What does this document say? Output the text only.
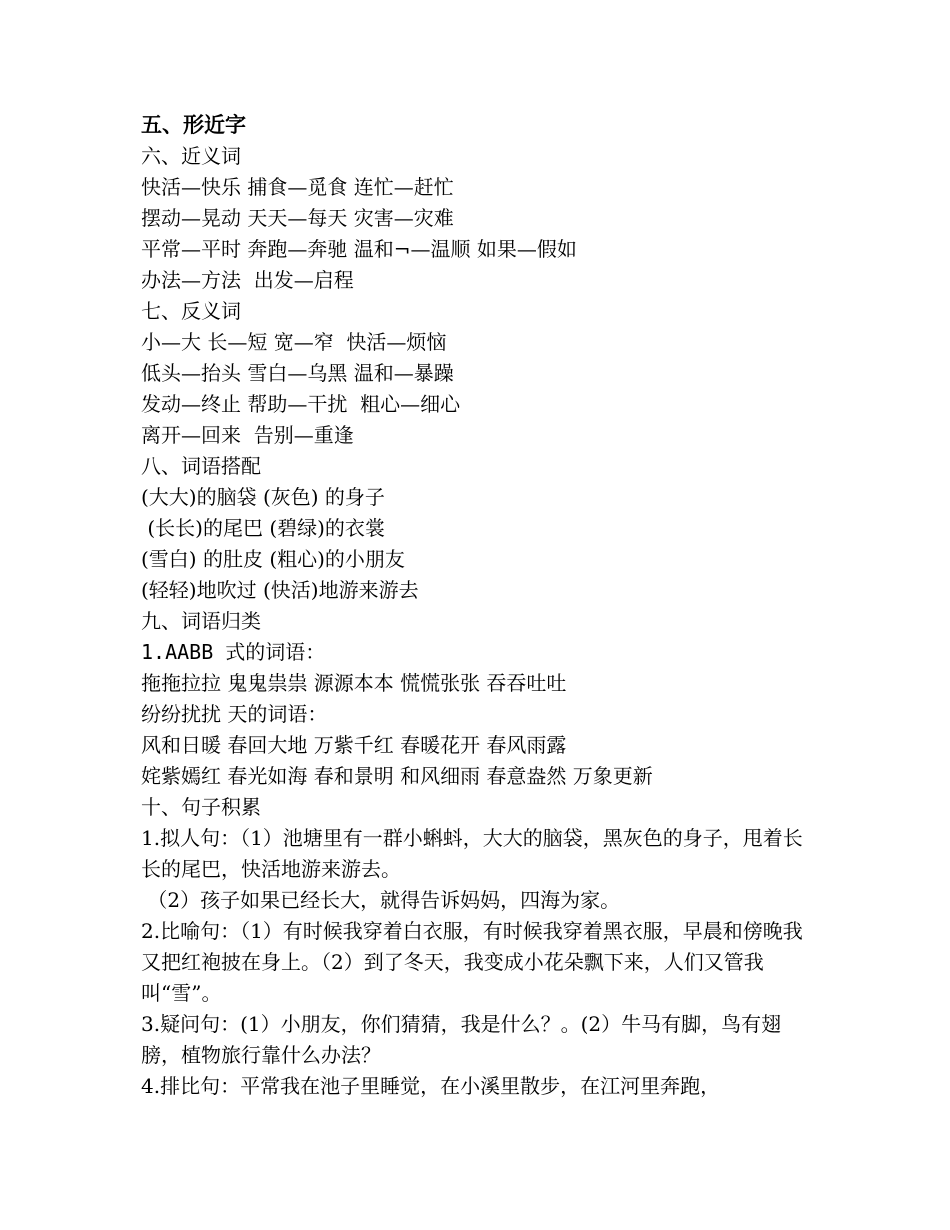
五、形近字
六、近义词
快活—快乐 捕食—觅食 连忙—赶忙
摆动—晃动 天天—每天 灾害—灾难
平常—平时 奔跑—奔驰 温和¬—温顺 如果—假如
办法—方法  出发—启程
七、反义词
小—大 长—短 宽—窄  快活—烦恼
低头—抬头 雪白—乌黑 温和—暴躁
发动—终止 帮助—干扰  粗心—细心
离开—回来  告别—重逢
八、词语搭配
(大大)的脑袋 (灰色) 的身子
(长长)的尾巴 (碧绿)的衣裳
(雪白) 的肚皮 (粗心)的小朋友
(轻轻)地吹过 (快活)地游来游去
九、词语归类
1.AABB 式的词语：
拖拖拉拉 鬼鬼祟祟 源源本本 慌慌张张 吞吞吐吐
纷纷扰扰 天的词语：
风和日暖 春回大地 万紫千红 春暖花开 春风雨露
姹紫嫣红 春光如海 春和景明 和风细雨 春意盎然 万象更新
十、句子积累
1.拟人句：（1）池塘里有一群小蝌蚪，大大的脑袋，黑灰色的身子，甩着长长的尾巴，快活地游来游去。
（2）孩子如果已经长大，就得告诉妈妈，四海为家。
2.比喻句：（1）有时候我穿着白衣服，有时候我穿着黑衣服，早晨和傍晚我又把红袍披在身上。（2）到了冬天，我变成小花朵飘下来，人们又管我叫“雪”。
3.疑问句：(1）小朋友，你们猜猜，我是什么？。(2）牛马有脚，鸟有翅膀，植物旅行靠什么办法？
4.排比句：平常我在池子里睡觉，在小溪里散步，在江河里奔跑，
